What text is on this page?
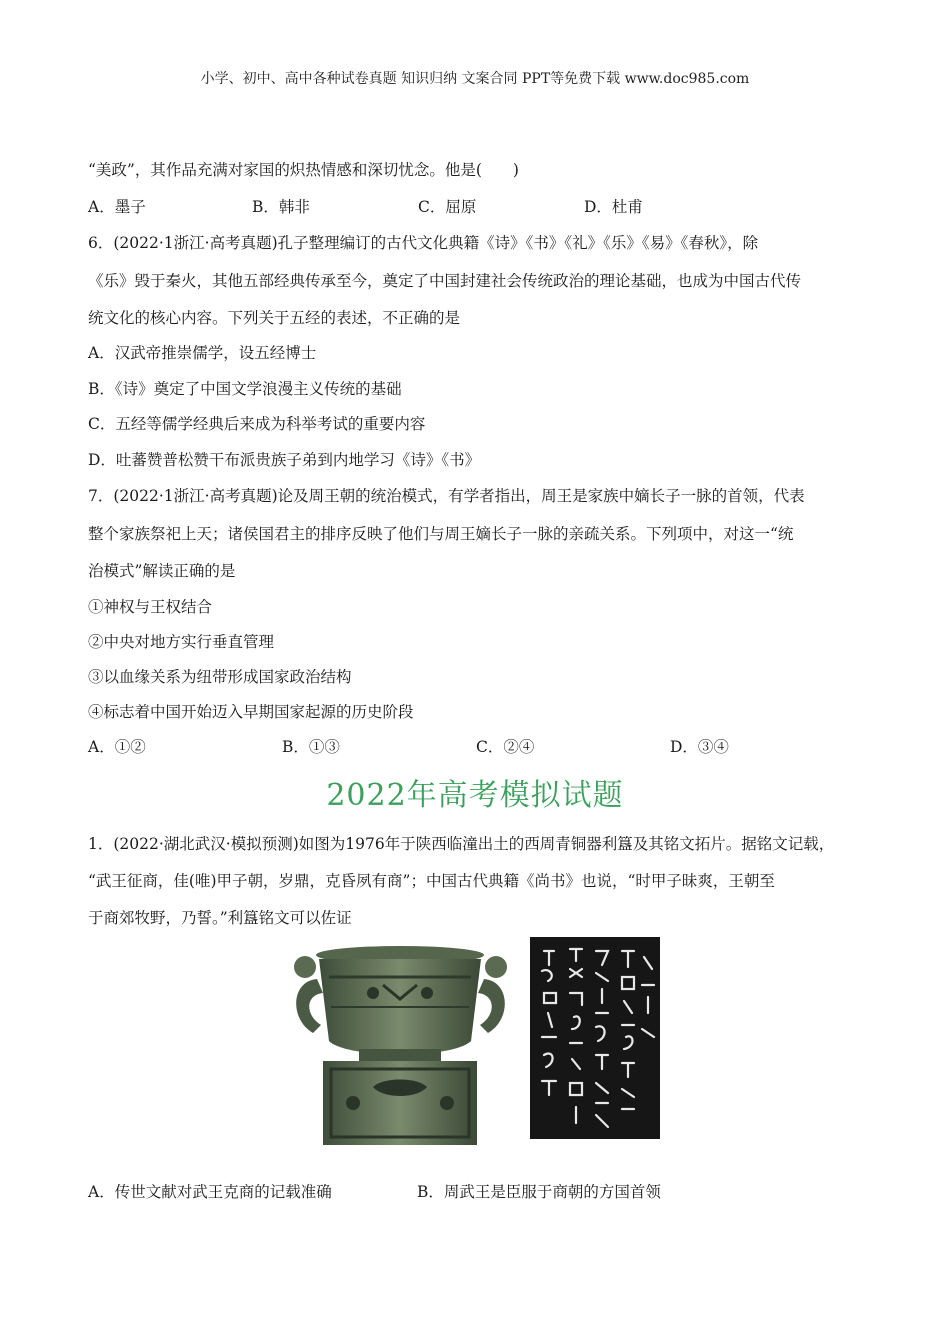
小学、初中、高中各种试卷真题 知识归纳 文案合同 PPT等免费下载 www.doc985.com
“美政”，其作品充满对家国的炽热情感和深切忧念。他是(　　)
A．墨子	B．韩非	C．屈原	D．杜甫
6．(2022·1浙江·高考真题)孔子整理编订的古代文化典籍《诗》《书》《礼》《乐》《易》《春秋》，除
《乐》毁于秦火，其他五部经典传承至今，奠定了中国封建社会传统政治的理论基础，也成为中国古代传
统文化的核心内容。下列关于五经的表述，不正确的是
A．汉武帝推崇儒学，设五经博士
B．《诗》奠定了中国文学浪漫主义传统的基础
C．五经等儒学经典后来成为科举考试的重要内容
D．吐蕃赞普松赞干布派贵族子弟到内地学习《诗》《书》
7．(2022·1浙江·高考真题)论及周王朝的统治模式，有学者指出，周王是家族中嫡长子一脉的首领，代表
整个家族祭祀上天；诸侯国君主的排序反映了他们与周王嫡长子一脉的亲疏关系。下列项中，对这一“统
治模式”解读正确的是
①神权与王权结合
②中央对地方实行垂直管理
③以血缘关系为纽带形成国家政治结构
④标志着中国开始迈入早期国家起源的历史阶段
A．①②	B．①③	C．②④	D．③④
2022年高考模拟试题
1．(2022·湖北武汉·模拟预测)如图为1976年于陕西临潼出土的西周青铜器利簋及其铭文拓片。据铭文记载，
“武王征商，佳(唯)甲子朝，岁鼎，克昏夙有商”；中国古代典籍《尚书》也说，“时甲子昧爽，王朝至
于商郊牧野，乃誓。”利簋铭文可以佐证
A．传世文献对武王克商的记载准确	B．周武王是臣服于商朝的方国首领
